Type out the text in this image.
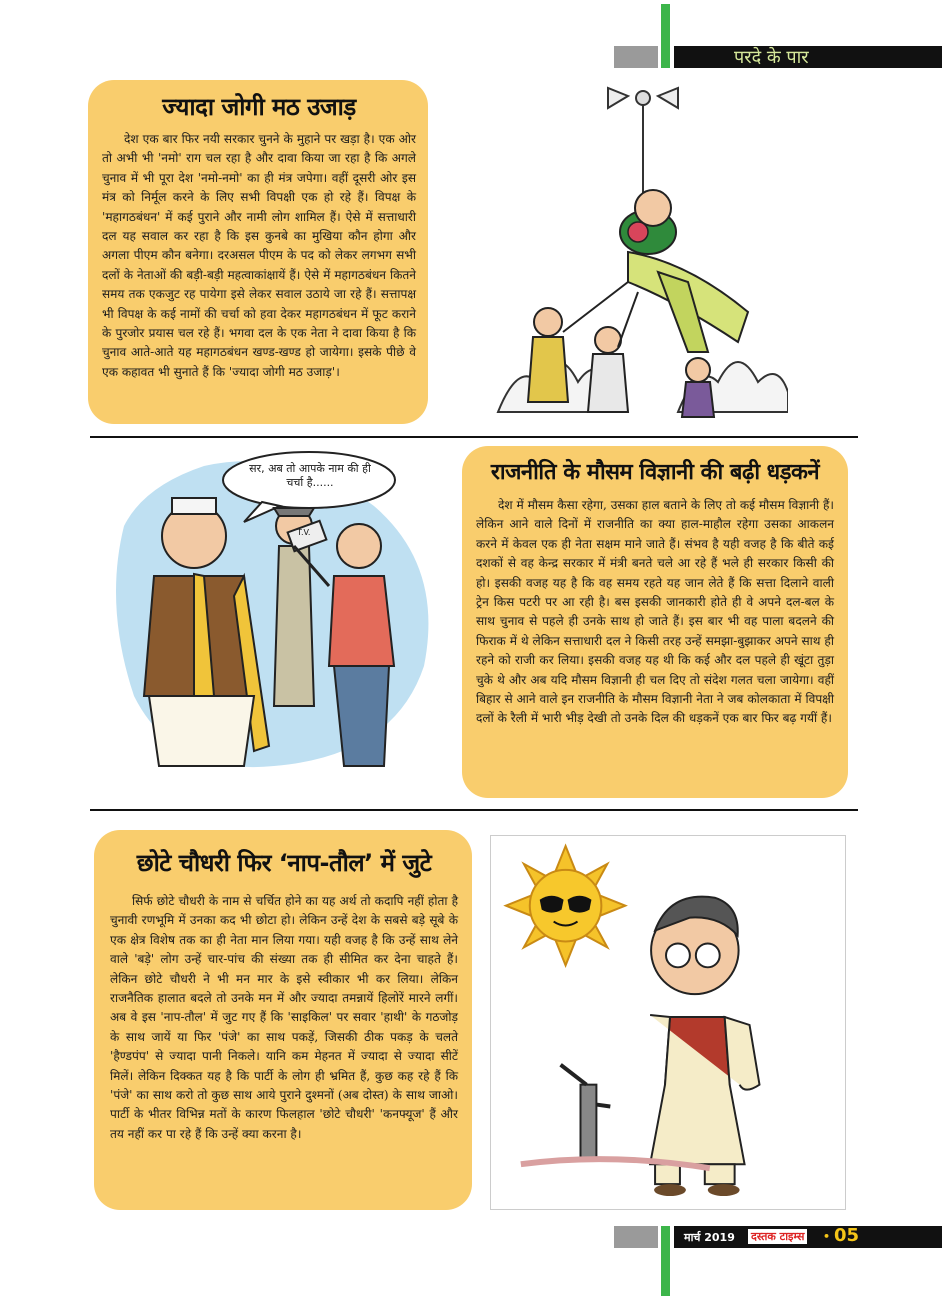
परदे के पार
ज्यादा जोगी मठ उजाड़

देश एक बार फिर नयी सरकार चुनने के मुहाने पर खड़ा है। एक ओर तो अभी भी 'नमो' राग चल रहा है और दावा किया जा रहा है कि अगले चुनाव में भी पूरा देश 'नमो-नमो' का ही मंत्र जपेगा। वहीं दूसरी ओर इस मंत्र को निर्मूल करने के लिए सभी विपक्षी एक हो रहे हैं। विपक्ष के 'महागठबंधन' में कई पुराने और नामी लोग शामिल हैं। ऐसे में सत्ताधारी दल यह सवाल कर रहा है कि इस कुनबे का मुखिया कौन होगा और अगला पीएम कौन बनेगा। दरअसल पीएम के पद को लेकर लगभग सभी दलों के नेताओं की बड़ी-बड़ी महत्वाकांक्षायें हैं। ऐसे में महागठबंधन कितने समय तक एकजुट रह पायेगा इसे लेकर सवाल उठाये जा रहे हैं। सत्तापक्ष भी विपक्ष के कई नामों की चर्चा को हवा देकर महागठबंधन में फूट कराने के पुरजोर प्रयास चल रहे हैं। भगवा दल के एक नेता ने दावा किया है कि चुनाव आते-आते यह महागठबंधन खण्ड-खण्ड हो जायेगा। इसके पीछे वे एक कहावत भी सुनाते हैं कि 'ज्यादा जोगी मठ उजाड़'।

सर, अब तो आपके नाम की ही चर्चा है......
T.V.
राजनीति के मौसम विज्ञानी की बढ़ी धड़कनें

देश में मौसम कैसा रहेगा, उसका हाल बताने के लिए तो कई मौसम विज्ञानी हैं। लेकिन आने वाले दिनों में राजनीति का क्या हाल-माहौल रहेगा उसका आकलन करने में केवल एक ही नेता सक्षम माने जाते हैं। संभव है यही वजह है कि बीते कई दशकों से वह केन्द्र सरकार में मंत्री बनते चले आ रहे हैं भले ही सरकार किसी की हो। इसकी वजह यह है कि वह समय रहते यह जान लेते हैं कि सत्ता दिलाने वाली ट्रेन किस पटरी पर आ रही है। बस इसकी जानकारी होते ही वे अपने दल-बल के साथ चुनाव से पहले ही उनके साथ हो जाते हैं। इस बार भी वह पाला बदलने की फिराक में थे लेकिन सत्ताधारी दल ने किसी तरह उन्हें समझा-बुझाकर अपने साथ ही रहने को राजी कर लिया। इसकी वजह यह थी कि कई और दल पहले ही खूंटा तुड़ा चुके थे और अब यदि मौसम विज्ञानी ही चल दिए तो संदेश गलत चला जायेगा। वहीं बिहार से आने वाले इन राजनीति के मौसम विज्ञानी नेता ने जब कोलकाता में विपक्षी दलों के रैली में भारी भीड़ देखी तो उनके दिल की धड़कनें एक बार फिर बढ़ गयीं हैं।

छोटे चौधरी फिर ‘नाप-तौल’ में जुटे

सिर्फ छोटे चौधरी के नाम से चर्चित होने का यह अर्थ तो कदापि नहीं होता है चुनावी रणभूमि में उनका कद भी छोटा हो। लेकिन उन्हें देश के सबसे बड़े सूबे के एक क्षेत्र विशेष तक का ही नेता मान लिया गया। यही वजह है कि उन्हें साथ लेने वाले 'बड़े' लोग उन्हें चार-पांच की संख्या तक ही सीमित कर देना चाहते हैं। लेकिन छोटे चौधरी ने भी मन मार के इसे स्वीकार भी कर लिया। लेकिन राजनैतिक हालात बदले तो उनके मन में और ज्यादा तमन्नायें हिलोरें मारने लगीं। अब वे इस 'नाप-तौल' में जुट गए हैं कि 'साइकिल' पर सवार 'हाथी' के गठजोड़ के साथ जायें या फिर 'पंजे' का साथ पकड़ें, जिसकी ठीक पकड़ के चलते 'हैण्डपंप' से ज्यादा पानी निकले। यानि कम मेहनत में ज्यादा से ज्यादा सीटें मिलें। लेकिन दिक्कत यह है कि पार्टी के लोग ही भ्रमित हैं, कुछ कह रहे हैं कि 'पंजे' का साथ करो तो कुछ साथ आये पुराने दुश्मनों (अब दोस्त) के साथ जाओ। पार्टी के भीतर विभिन्न मतों के कारण फिलहाल 'छोटे चौधरी' 'कनफ्यूज' हैं और तय नहीं कर पा रहे हैं कि उन्हें क्या करना है।

मार्च 2019 दस्तक टाइम्स • 05
